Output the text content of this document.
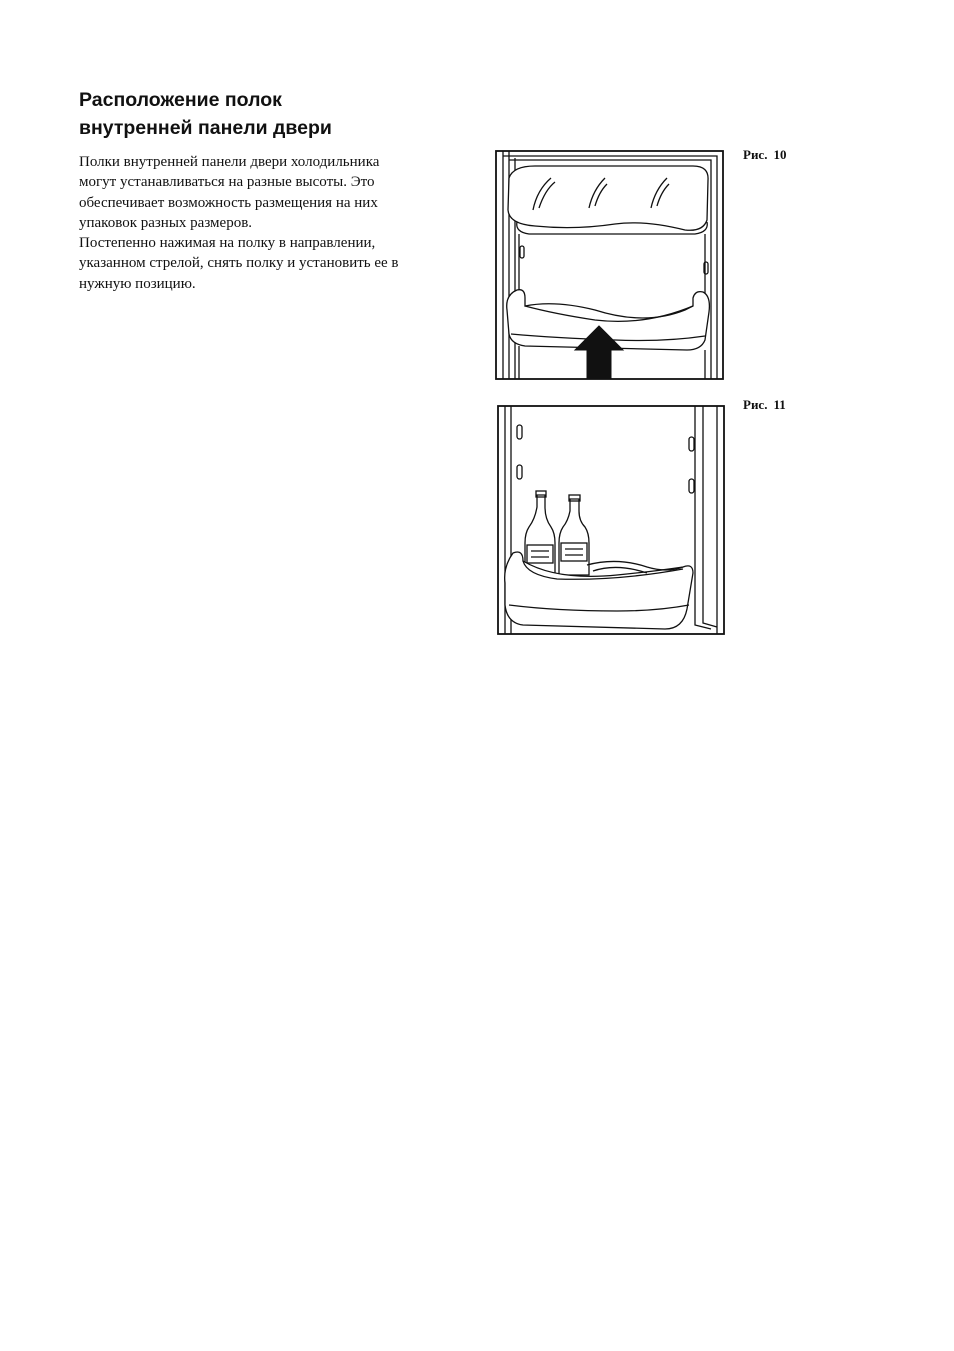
Расположение полок
внутренней панели двери
Полки внутренней панели двери холодильника
могут устанавливаться на разные высоты. Это
обеспечивает возможность размещения на них
упаковок разных размеров.
Постепенно нажимая на полку в направлении,
указанном стрелой, снять полку и установить ее в
нужную позицию.
Рис. 10
Рис. 11
